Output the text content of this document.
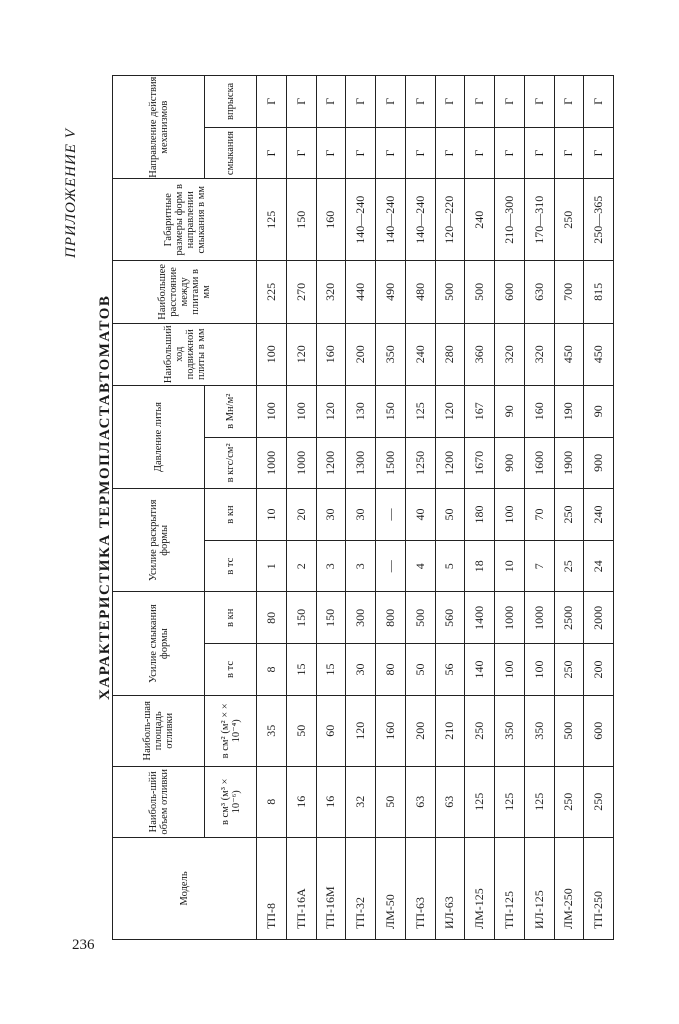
236
ПРИЛОЖЕНИЕ V
ХАРАКТЕРИСТИКА ТЕРМОПЛАСТАВТОМАТОВ
Модель	Наиболь-шйй объем отливки	Наиболь-шая площадь отливки	Усилие смыкания формы		Усилие раскрытия формы		Давление литья		Наибольший ход подвижной плиты в мм	Наибольшее расстояние между плитами в мм	Габаритные размеры форм в направлении смыкания в мм	Направление действия механизмов	
	в см³ (м³ × 10⁻⁶)	в см² (м² × × 10⁻⁴)	в тс	в кн	в тс	в кн	в кгс/см²	в Мн/м²				смыкания	впрыска
ТП-8	8	35	8	80	1	10	1000	100	100	225	125	Г	Г
ТП-16А	16	50	15	150	2	20	1000	100	120	270	150	Г	Г
ТП-16М	16	60	15	150	3	30	1200	120	160	320	160	Г	Г
ТП-32	32	120	30	300	3	30	1300	130	200	440	140—240	Г	Г
ЛМ-50	50	160	80	800	—	—	1500	150	350	490	140—240	Г	Г
ТП-63	63	200	50	500	4	40	1250	125	240	480	140—240	Г	Г
ИЛ-63	63	210	56	560	5	50	1200	120	280	500	120—220	Г	Г
ЛМ-125	125	250	140	1400	18	180	1670	167	360	500	240	Г	Г
ТП-125	125	350	100	1000	10	100	900	90	320	600	210—300	Г	Г
ИЛ-125	125	350	100	1000	7	70	1600	160	320	630	170—310	Г	Г
ЛМ-250	250	500	250	2500	25	250	1900	190	450	700	250	Г	Г
ТП-250	250	600	200	2000	24	240	900	90	450	815	250—365	Г	Г
